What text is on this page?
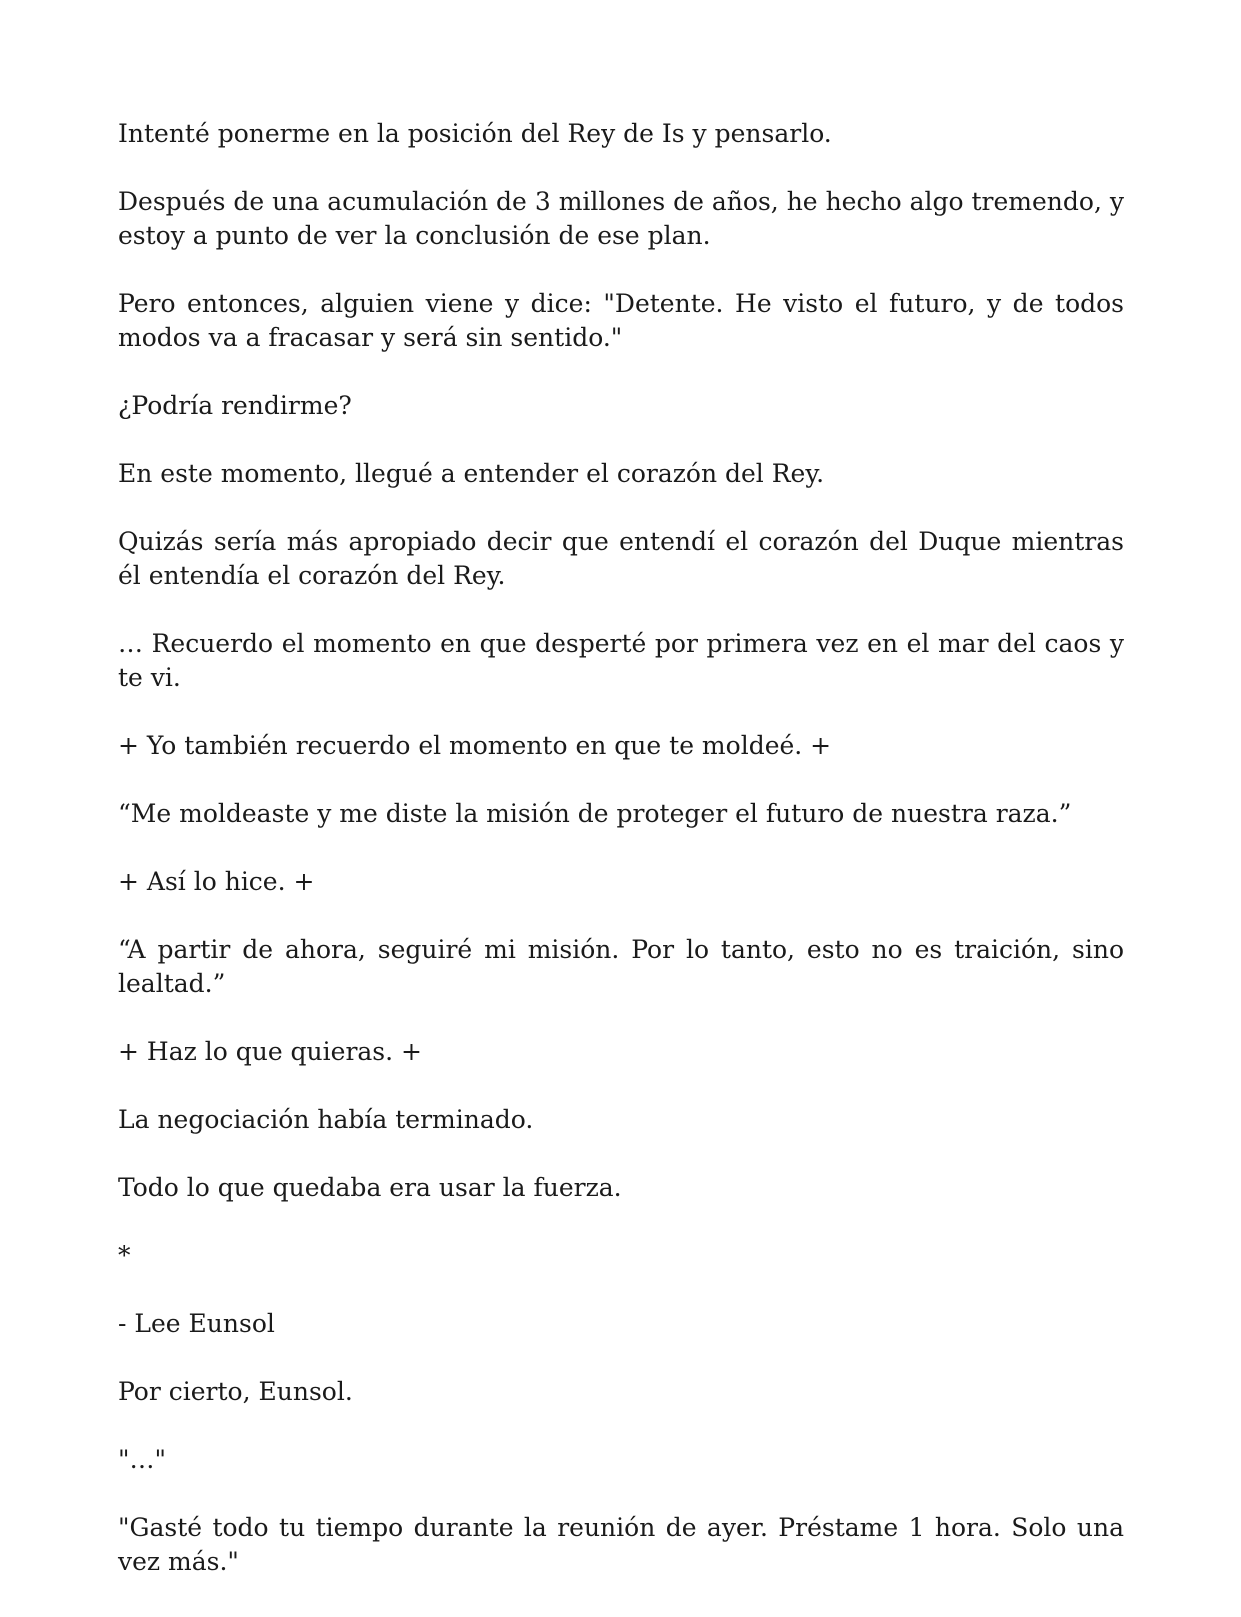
Intenté ponerme en la posición del Rey de Is y pensarlo.

Después de una acumulación de 3 millones de años, he hecho algo tremendo, y estoy a punto de ver la conclusión de ese plan.

Pero entonces, alguien viene y dice: "Detente. He visto el futuro, y de todos modos va a fracasar y será sin sentido."

¿Podría rendirme?

En este momento, llegué a entender el corazón del Rey.

Quizás sería más apropiado decir que entendí el corazón del Duque mientras él entendía el corazón del Rey.

… Recuerdo el momento en que desperté por primera vez en el mar del caos y te vi.

+ Yo también recuerdo el momento en que te moldeé. +

“Me moldeaste y me diste la misión de proteger el futuro de nuestra raza.”

+ Así lo hice. +

“A partir de ahora, seguiré mi misión. Por lo tanto, esto no es traición, sino lealtad.”

+ Haz lo que quieras. +

La negociación había terminado.

Todo lo que quedaba era usar la fuerza.

*

- Lee Eunsol

Por cierto, Eunsol.

"…"

"Gasté todo tu tiempo durante la reunión de ayer. Préstame 1 hora. Solo una vez más."
